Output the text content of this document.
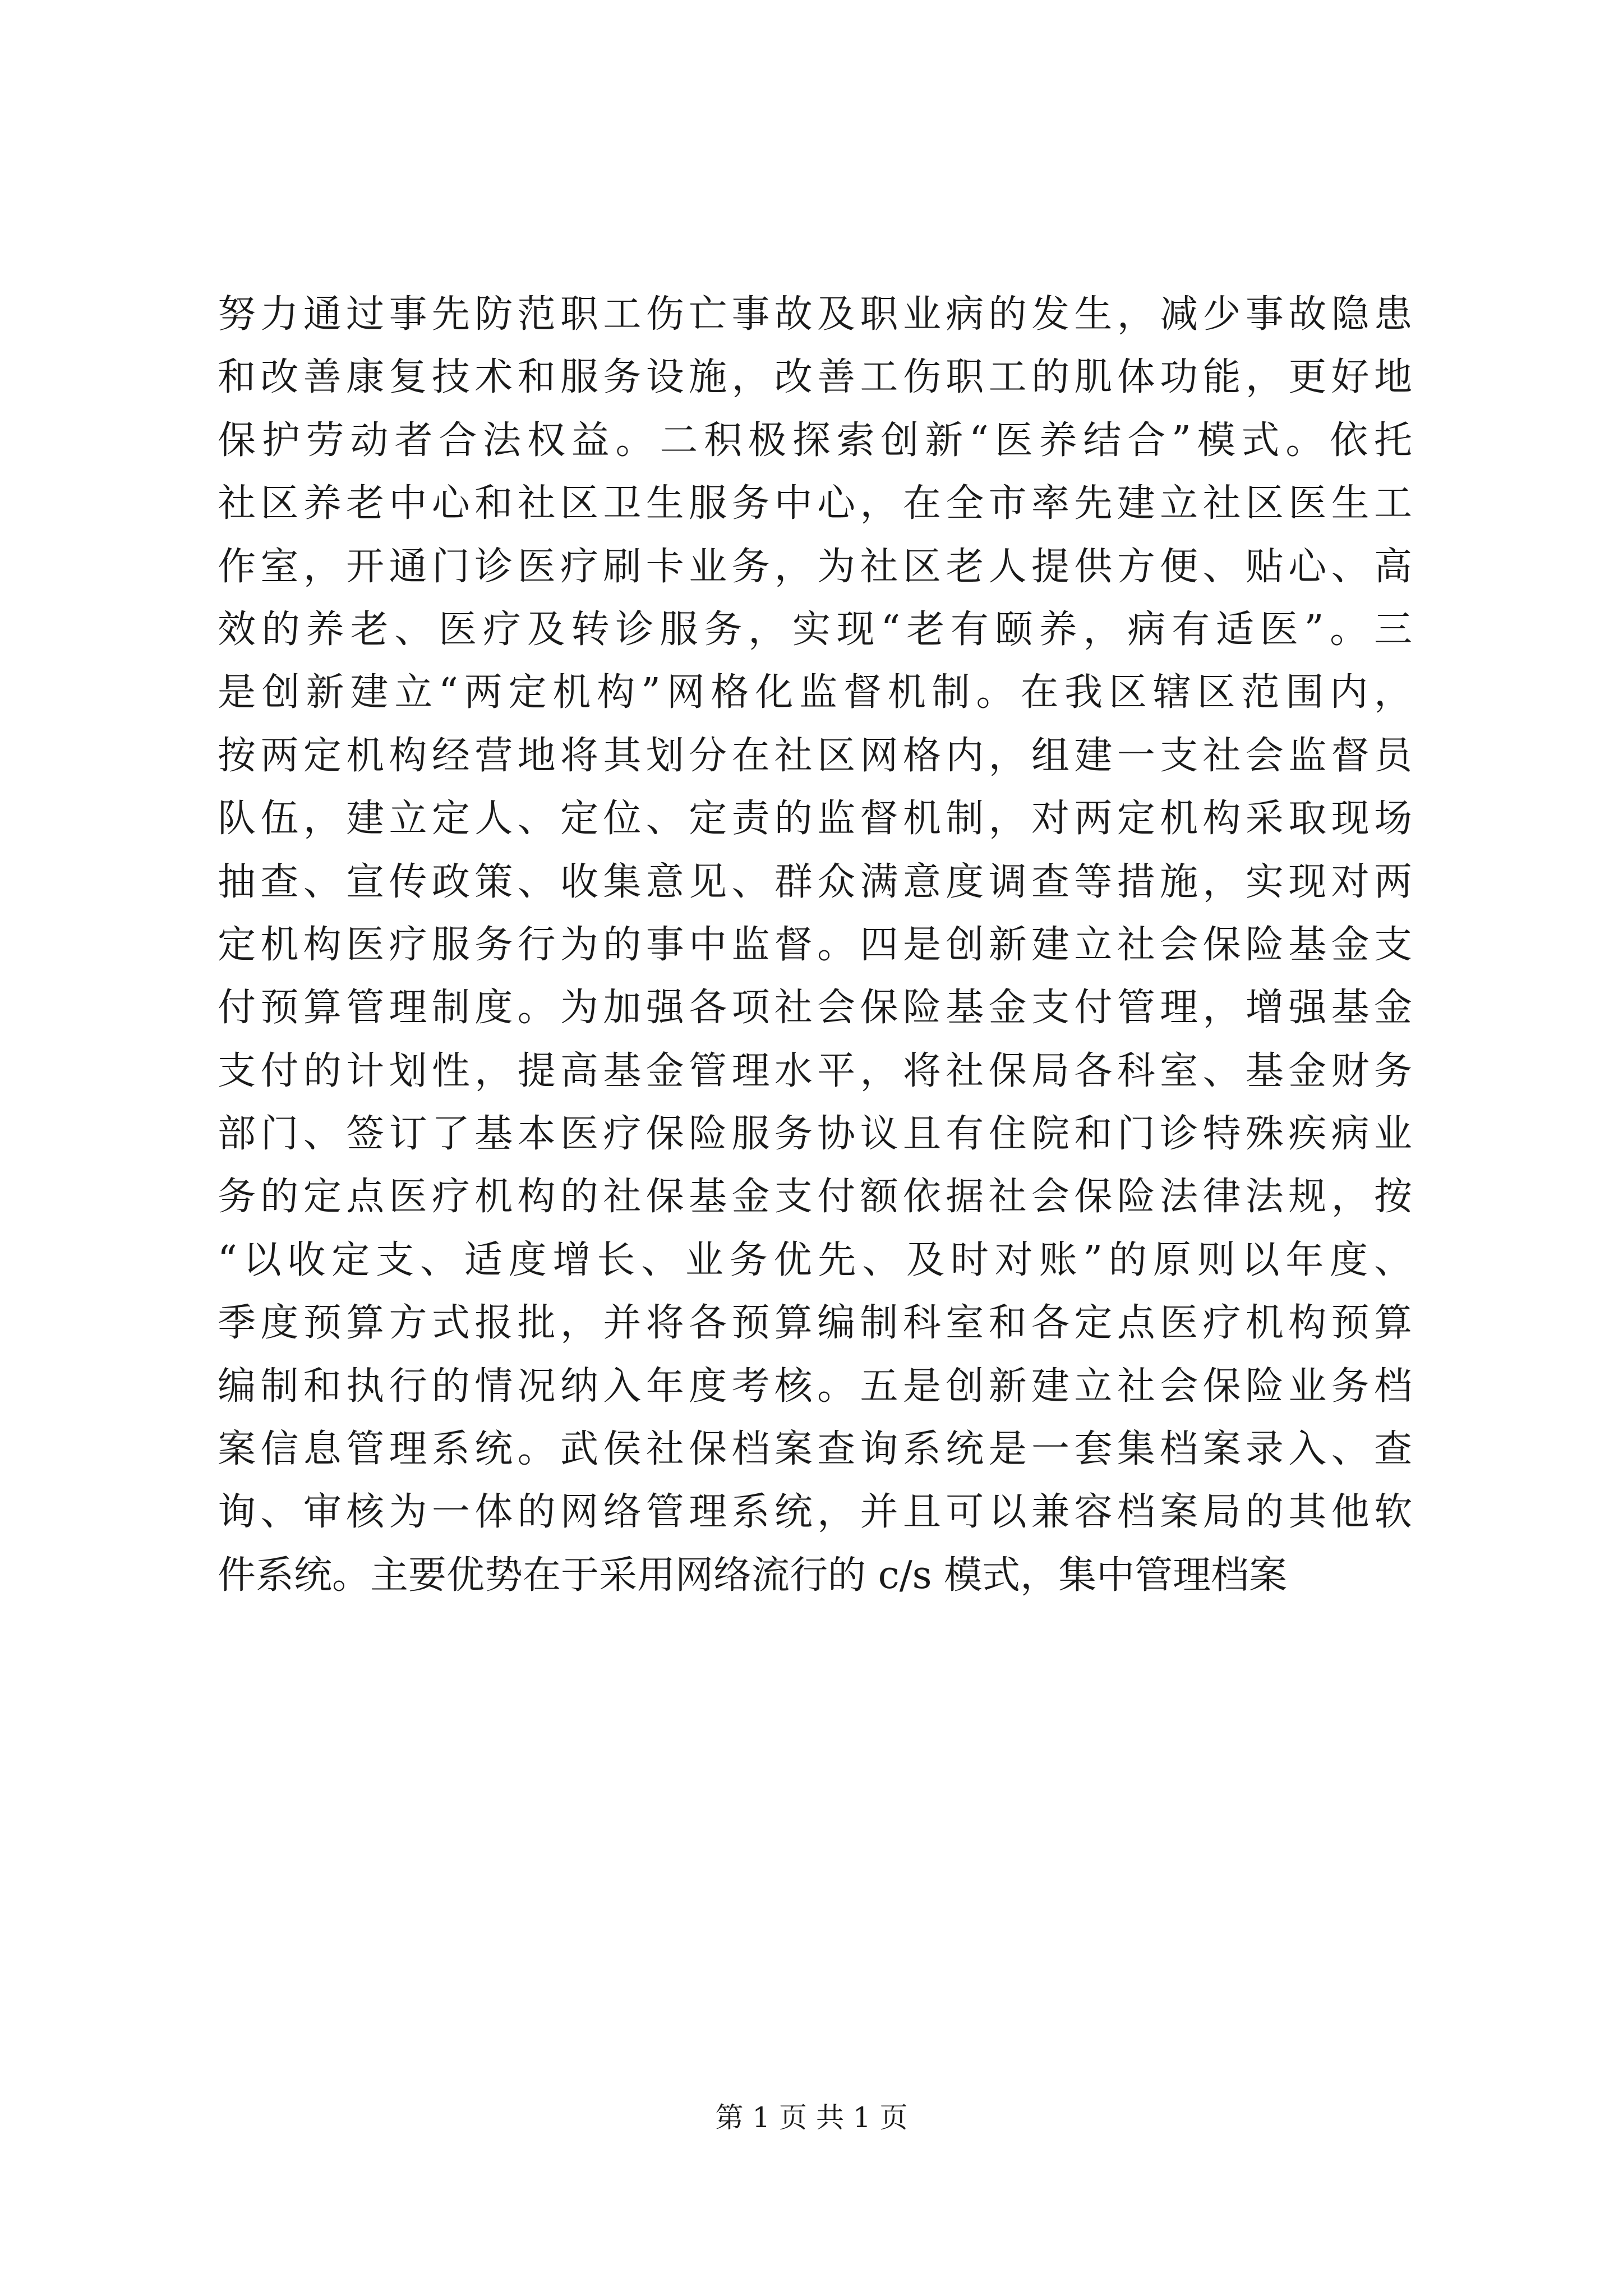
努力通过事先防范职工伤亡事故及职业病的发生，减少事故隐患
和改善康复技术和服务设施，改善工伤职工的肌体功能，更好地
保护劳动者合法权益。二积极探索创新“医养结合”模式。依托
社区养老中心和社区卫生服务中心，在全市率先建立社区医生工
作室，开通门诊医疗刷卡业务，为社区老人提供方便、贴心、高
效的养老、医疗及转诊服务，实现“老有颐养，病有适医”。三
是创新建立“两定机构”网格化监督机制。在我区辖区范围内，
按两定机构经营地将其划分在社区网格内，组建一支社会监督员
队伍，建立定人、定位、定责的监督机制，对两定机构采取现场
抽查、宣传政策、收集意见、群众满意度调查等措施，实现对两
定机构医疗服务行为的事中监督。四是创新建立社会保险基金支
付预算管理制度。为加强各项社会保险基金支付管理，增强基金
支付的计划性，提高基金管理水平，将社保局各科室、基金财务
部门、签订了基本医疗保险服务协议且有住院和门诊特殊疾病业
务的定点医疗机构的社保基金支付额依据社会保险法律法规，按
“以收定支、适度增长、业务优先、及时对账”的原则以年度、
季度预算方式报批，并将各预算编制科室和各定点医疗机构预算
编制和执行的情况纳入年度考核。五是创新建立社会保险业务档
案信息管理系统。武侯社保档案查询系统是一套集档案录入、查
询、审核为一体的网络管理系统，并且可以兼容档案局的其他软
件系统。主要优势在于采用网络流行的 c/s 模式，集中管理档案
第 1 页 共 1 页
